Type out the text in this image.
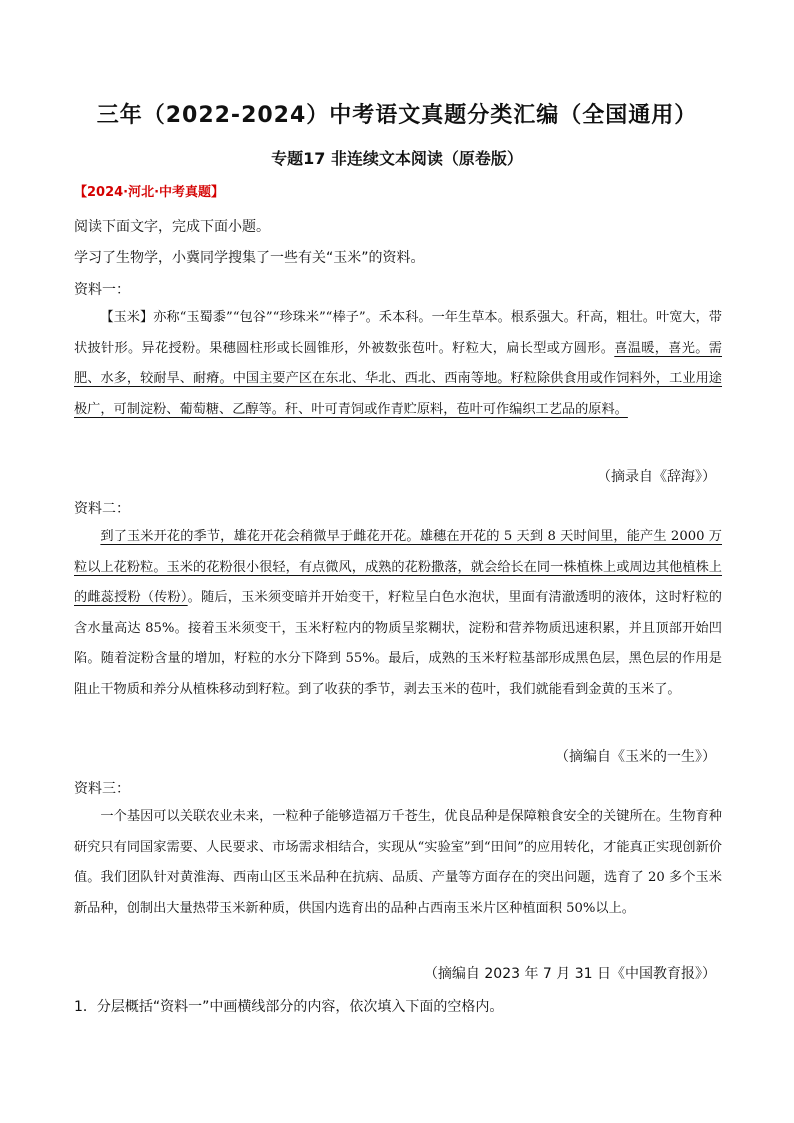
三年（2022-2024）中考语文真题分类汇编（全国通用）
专题17 非连续文本阅读（原卷版）
【2024·河北·中考真题】
阅读下面文字，完成下面小题。
学习了生物学，小冀同学搜集了一些有关“玉米”的资料。
资料一：

【玉米】亦称“玉蜀黍”“包谷”“珍珠米”“棒子”。禾本科。一年生草本。根系强大。秆高，粗壮。叶宽大，带状披针形。异花授粉。果穗圆柱形或长圆锥形，外被数张苞叶。籽粒大，扁长型或方圆形。喜温暖，喜光。需肥、水多，较耐旱、耐瘠。中国主要产区在东北、华北、西北、西南等地。籽粒除供食用或作饲料外，工业用途极广，可制淀粉、葡萄糖、乙醇等。秆、叶可青饲或作青贮原料，苞叶可作编织工艺品的原料。

（摘录自《辞海》）
资料二：

到了玉米开花的季节，雄花开花会稍微早于雌花开花。雄穗在开花的 5 天到 8 天时间里，能产生 2000 万粒以上花粉粒。玉米的花粉很小很轻，有点微风，成熟的花粉撒落，就会给长在同一株植株上或周边其他植株上的雌蕊授粉（传粉）。随后，玉米须变暗并开始变干，籽粒呈白色水泡状，里面有清澈透明的液体，这时籽粒的含水量高达 85%。接着玉米须变干，玉米籽粒内的物质呈浆糊状，淀粉和营养物质迅速积累，并且顶部开始凹陷。随着淀粉含量的增加，籽粒的水分下降到 55%。最后，成熟的玉米籽粒基部形成黑色层，黑色层的作用是阻止干物质和养分从植株移动到籽粒。到了收获的季节，剥去玉米的苞叶，我们就能看到金黄的玉米了。

（摘编自《玉米的一生》）
资料三：

一个基因可以关联农业未来，一粒种子能够造福万千苍生，优良品种是保障粮食安全的关键所在。生物育种研究只有同国家需要、人民要求、市场需求相结合，实现从“实验室”到“田间”的应用转化，才能真正实现创新价值。我们团队针对黄淮海、西南山区玉米品种在抗病、品质、产量等方面存在的突出问题，选育了 20 多个玉米新品种，创制出大量热带玉米新种质，供国内选育出的品种占西南玉米片区种植面积 50%以上。

（摘编自 2023 年 7 月 31 日《中国教育报》）
1．分层概括“资料一”中画横线部分的内容，依次填入下面的空格内。
